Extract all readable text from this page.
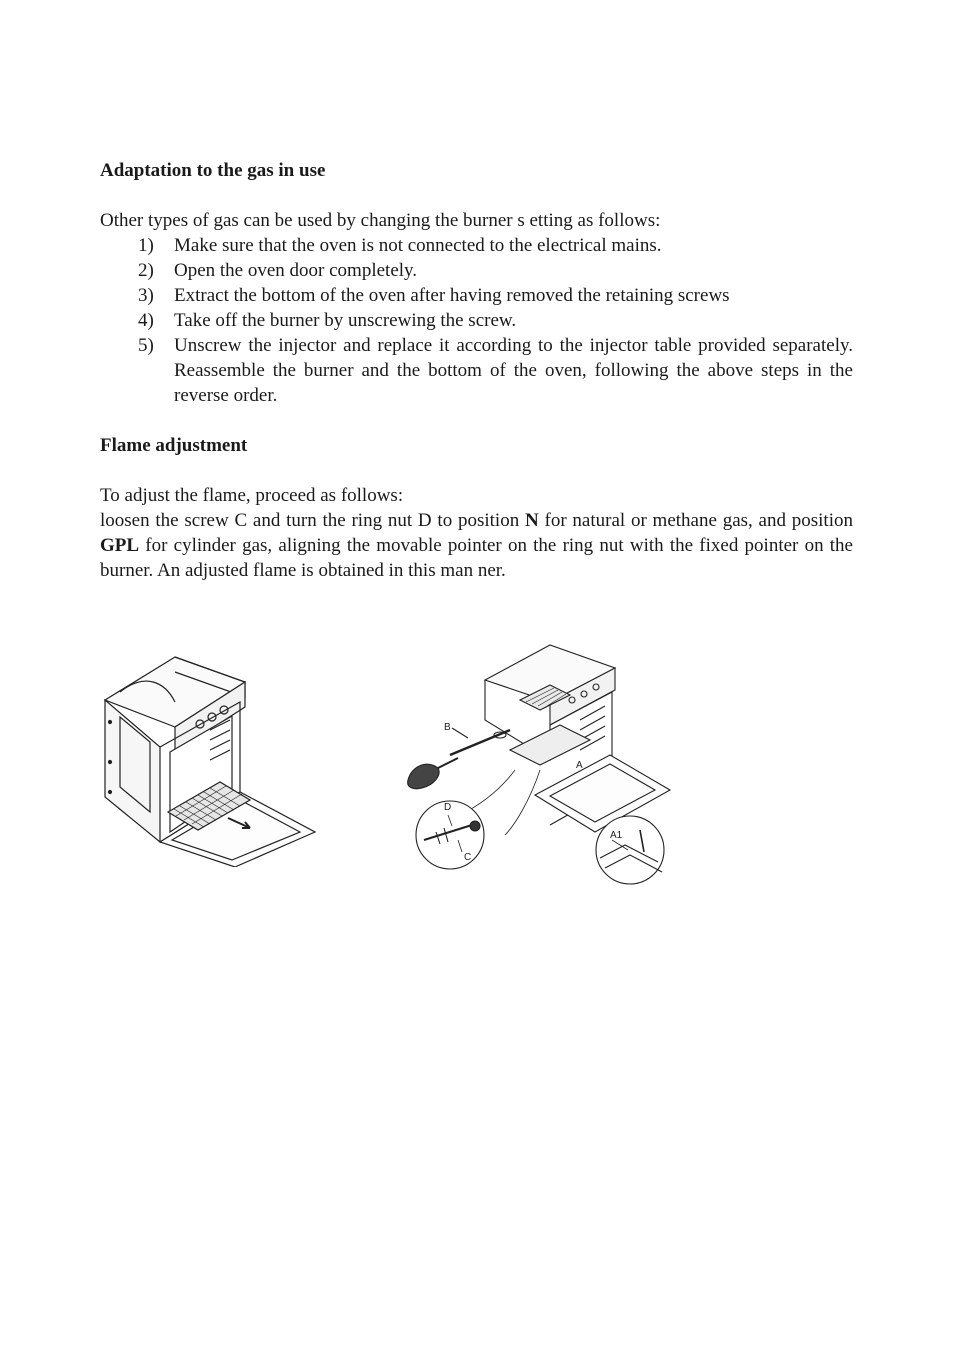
Adaptation to the gas in use

Other types of gas can be used by changing the burner s etting as follows:

1) Make sure that the oven is not connected to the electrical mains.
2) Open the oven door completely.
3) Extract the bottom of the oven after having removed the retaining screws
4) Take off the burner by unscrewing the screw.
5) Unscrew the injector and replace it according to the injector table provided separately. Reassemble the burner and the bottom of the oven, following the above steps in the reverse order.

Flame adjustment

To adjust the flame, proceed as follows:

loosen the screw C and turn the ring nut D to position N for natural or methane gas, and position GPL for cylinder gas, aligning the movable pointer on the ring nut with the fixed pointer on the burner. An adjusted flame is obtained in this man ner.

B
A
D
C
A1
